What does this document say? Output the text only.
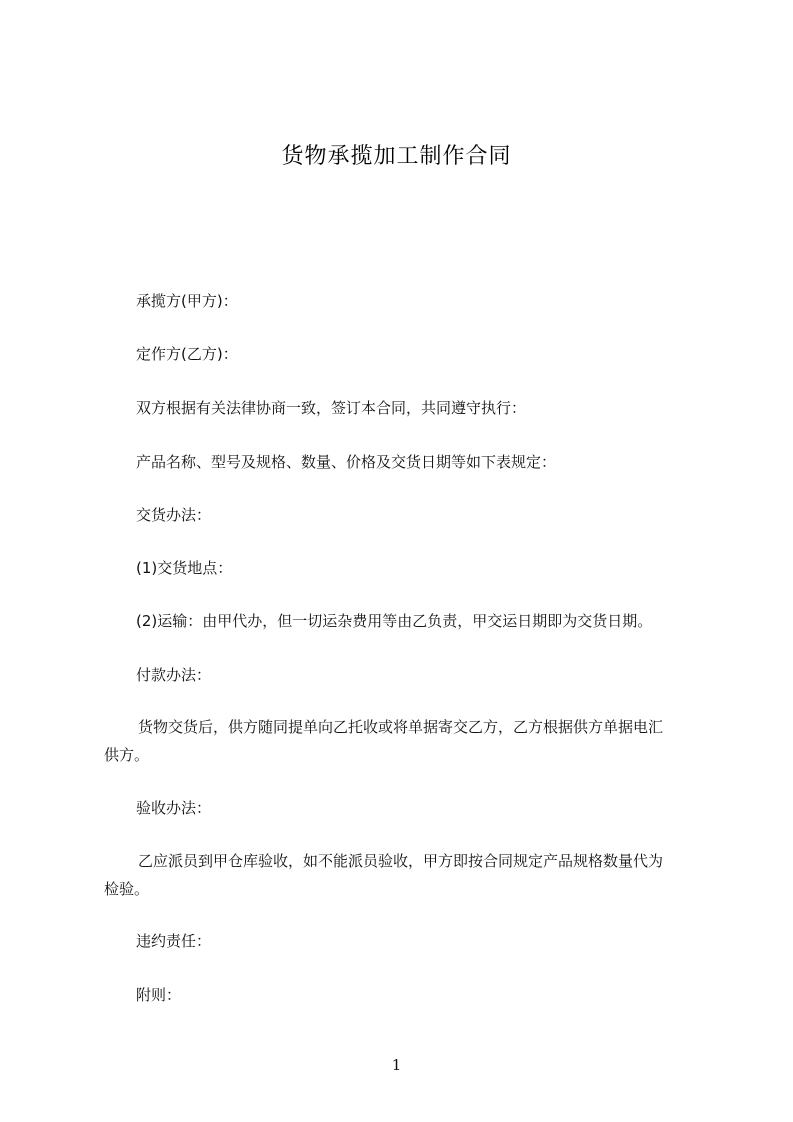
货物承揽加工制作合同
承揽方(甲方)：
定作方(乙方)：
双方根据有关法律协商一致，签订本合同，共同遵守执行：
产品名称、型号及规格、数量、价格及交货日期等如下表规定：
交货办法：
(1)交货地点：
(2)运输：由甲代办，但一切运杂费用等由乙负责，甲交运日期即为交货日期。
付款办法：
货物交货后，供方随同提单向乙托收或将单据寄交乙方，乙方根据供方单据电汇
供方。
验收办法：
乙应派员到甲仓库验收，如不能派员验收，甲方即按合同规定产品规格数量代为
检验。
违约责任：
附则：
1
